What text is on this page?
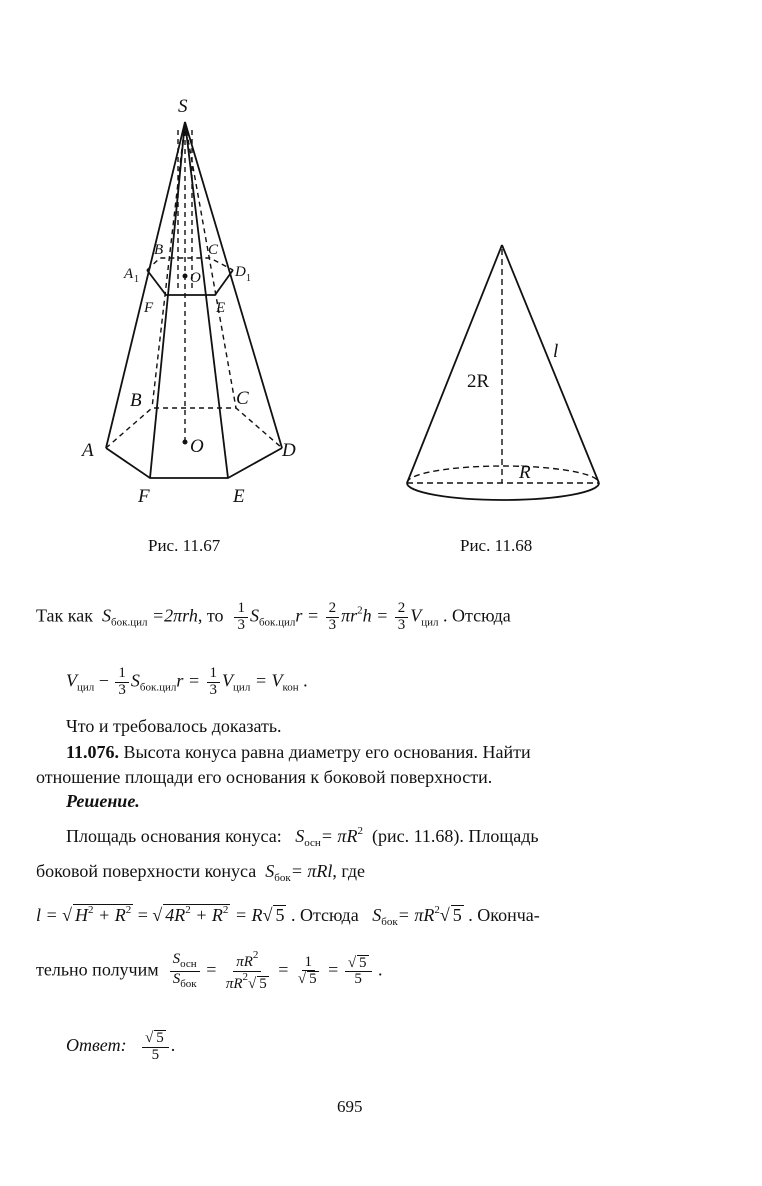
S
A
B	C
D
E
F
O
A 1
B	C
D 1
E
F
O
Рис. 11.67
2R
l
R
Рис. 11.68
Так как $S_{бок.цил} =2\pi rh$, то $\frac{1}{3} S_{бок.цил}r = \frac{2}{3} \pi r^2h = \frac{2}{3} V_{цил}$ . Отсюда
$V_{цил} - \frac{1}{3} S_{бок.цил}r = \frac{1}{3} V_{цил} = V_{кон}$ .
Что и требовалось доказать.
11.076. Высота конуса равна диаметру его основания. Найти
отношение площади его основания к боковой поверхности.
Решение.
Площадь основания конуса: $S_{осн}= \pi R^2$ (рис. 11.68). Площадь
боковой поверхности конуса $S_{бок}= \pi Rl$, где
l = √ $H^2 + R^2$ = √ $4R^2 + R^2 = R√$ 5 . Отсюда $S_{бок}= \pi R^2√$ 5 . Оконча-
тельно получим $\frac{S_{осн}}{S_{бок}} = \frac{\pi R^2}{\pi R^2√ 5} = \frac{1}{√ 5} = \frac{√ 5}{5}$ .
Ответ: $\frac{√ 5}{5}$ .
695
